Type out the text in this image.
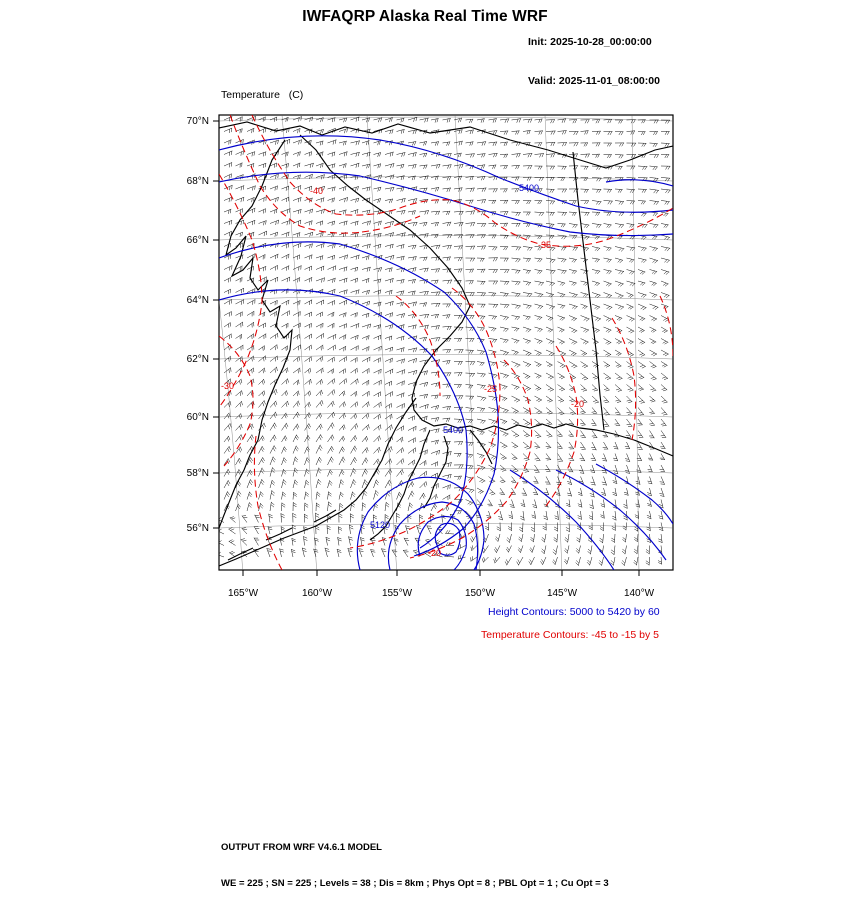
IWFAQRP Alaska Real Time WRF

Init: 2025-10-28_00:00:00

Valid: 2025-11-01_08:00:00

Temperature   (C)

5400
5400
5120
-40
-35
-30	-25
-20
-20
70°N
68°N
66°N
64°N
62°N
60°N
58°N
56°N
165°W	160°W	155°W	150°W	145°W	140°W
Height Contours: 5000 to 5420 by 60
Temperature Contours: -45 to -15 by 5

OUTPUT FROM WRF V4.6.1 MODEL

WE = 225 ; SN = 225 ; Levels = 38 ; Dis = 8km ; Phys Opt = 8 ; PBL Opt = 1 ; Cu Opt = 3
